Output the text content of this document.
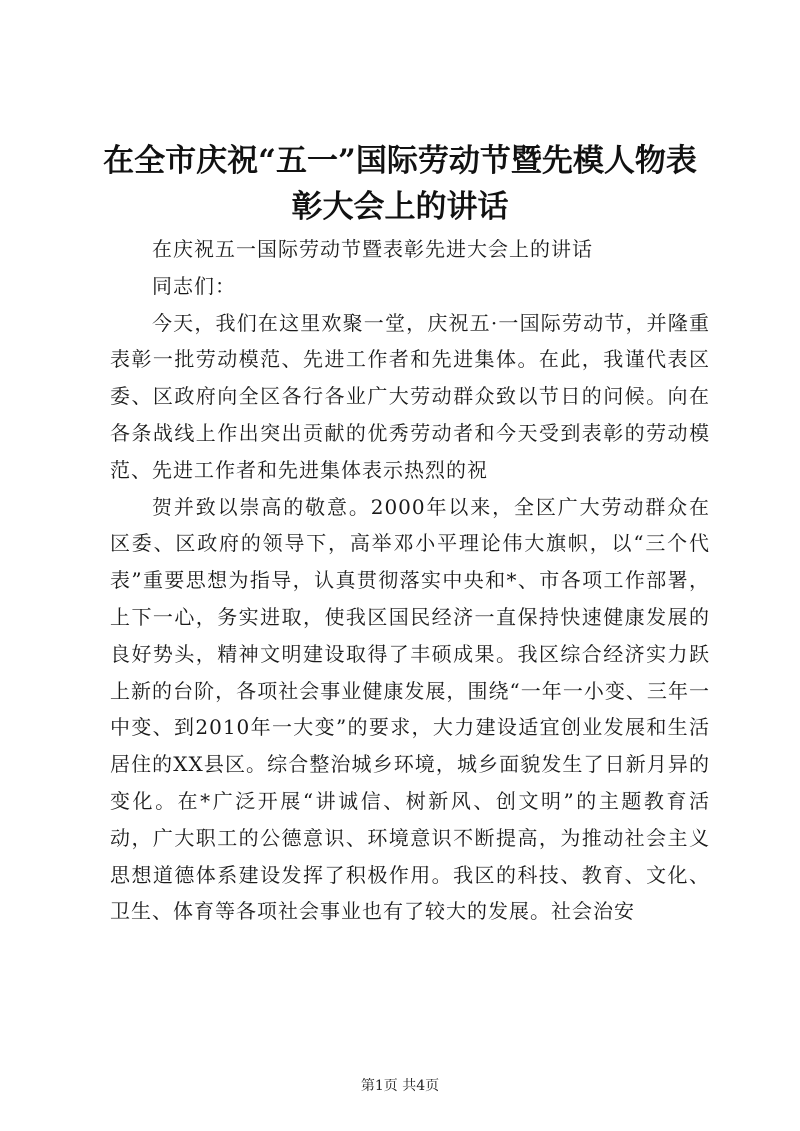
在全市庆祝“五一”国际劳动节暨先模人物表彰大会上的讲话

在庆祝五一国际劳动节暨表彰先进大会上的讲话

同志们：

今天，我们在这里欢聚一堂，庆祝五·一国际劳动节，并隆重表彰一批劳动模范、先进工作者和先进集体。在此，我谨代表区委、区政府向全区各行各业广大劳动群众致以节日的问候。向在各条战线上作出突出贡献的优秀劳动者和今天受到表彰的劳动模范、先进工作者和先进集体表示热烈的祝

贺并致以崇高的敬意。2000年以来，全区广大劳动群众在区委、区政府的领导下，高举邓小平理论伟大旗帜，以“三个代表”重要思想为指导，认真贯彻落实中央和*、市各项工作部署，上下一心，务实进取，使我区国民经济一直保持快速健康发展的良好势头，精神文明建设取得了丰硕成果。我区综合经济实力跃上新的台阶，各项社会事业健康发展，围绕“一年一小变、三年一中变、到2010年一大变”的要求，大力建设适宜创业发展和生活居住的XX县区。综合整治城乡环境，城乡面貌发生了日新月异的变化。在*广泛开展“讲诚信、树新风、创文明”的主题教育活动，广大职工的公德意识、环境意识不断提高，为推动社会主义思想道德体系建设发挥了积极作用。我区的科技、教育、文化、卫生、体育等各项社会事业也有了较大的发展。社会治安

第1页 共4页
